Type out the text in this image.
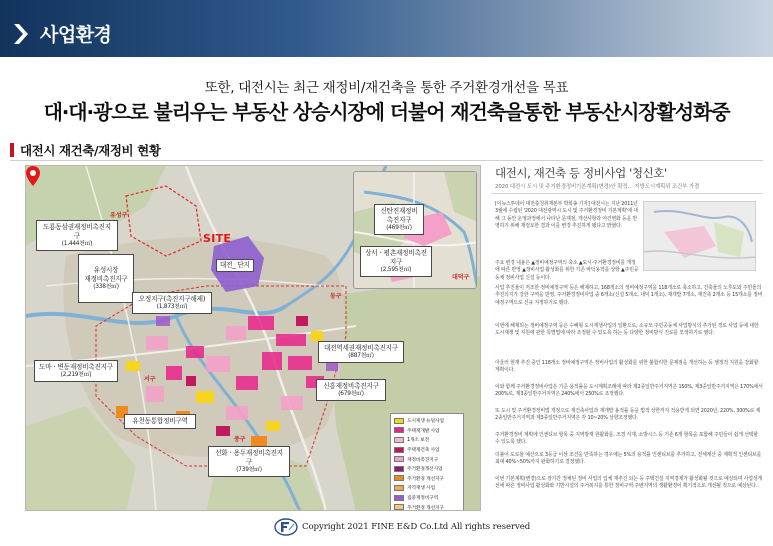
사업환경
또한, 대전시는 최근 재정비/재건축을 통한 주거환경개선을 목표
대·대·광으로 불리우는 부동산 상승시장에 더불어 재건축을통한 부동산시장활성화중
대전시 재건축/재정비 현황
신탄진재정비촉진지구
(469천㎡)
상서ㆍ평촌재정비촉진지구
(2,595천㎡)
대덕구
유성구
서구
동구
중구
SITE
대전_ 단지
도룡동삼권재정비촉진지구
(1,444천㎡)

유성시장
재정비촉진지구

(338천㎡)

오정지구(촉진지구해제)
(1,873천㎡)
도마ㆍ변동재정비촉진지구
(2,219천㎡)
유천동통합정비구역
선화ㆍ용두재정비촉진지구
(739천㎡)
대전역세권재정비촉진지구
(887천㎡)
신흥재정비촉진지구
(679천㎡)
도시재생 뉴딜사업
주택재개발 사업
1개소 보전
주택재건축 사업
재정비촉진지구
주거환경개선사업
주거환경 개선지구
지역재생 사업
집중재정비구역
주거환경 개선지구
대전시, 재건축 등 정비사업 '청신호'
2020 대전시 도시 및 주거환경정비기본계획(변경)안 확정… 지방도시계획위 조건부 가결
[이뉴스투데이 대전충청취재본부 박희송 기자] 대전시는 지난 2011년 3월에 수립된 '2020 대전광역시 도시 및 주거환경정비 기본계획'에 대해 그 동안 운영과정에서 나타난 문제점, 개선사항과 여건변화 등을 반영하기 위해 재검토한 결과 이를 변경 추진하게 됐다고 밝혔다.
주요 변경 내용은 ▲정비예정구역의 축소 ▲도시·주거환경정비를 개정에 따른 반영 ▲정비사업 활성화를 위한 기존 바닥용적을 상향 ▲주민공동체 정비사업 신설 등이다.
사업 추진율이 저조한 정비예정구역 등은 해제하고, 168개소의 정비예정구역을 118개소로 축소하고, 건축물의 노후도와 주민들의 추진의지가 강한 구역을 반영, 주거환경정비사업 중 6개소(신설 5개소, 대덕 1개소), 재개발 7개소, 재건축 2개소 등 15개소를 정비예정구역으로 신규 지정하기로 했다.
이번에 해제되는 정비예정구역 등은 수혜형 도시재생사업의 일환으로, 소규모 주민공동체 사업방식의 추가된 경로 사업 등에 대한 도시재생 및 지원에 관한 특별법에 따라 조정할 수 있도록 하는 등 다양한 정비방식 진로를 모색하기로 했다.
아울러 현재 추진 중인 118개소 정비예정구역은 정비사업의 활성화를 위한 불합리한 문제점을 개선하는 등 행정적 지원을 강화할 계획이다.
이와 함께 주거환경정비사업은 기준 용적률을 도시계획조례에 따라 제2종일반주거지역은 150%, 제3종일반주거지역은 170%에서 200%로, 제3종일반주거지역은 240%에서 250%로 조정했다.
또 도시 및 주거환경정비법 개정으로 재건축사업과 재개발 용적률 등을 법적 상한까지 적용받게 되면 2020년, 220%, 300%로 제2종일반주거지역과 제3종일반주거지역은 각 10~20% 상향조정했다.
주거환경정비 계획에 인센티브 항목 중 지역방재 원활화를, 조경 식재, 소방시스 등 기존 6개 항목을 포함해 주민들이 쉽게 선택할 수 있도록 했다.
더불어 도로율 예산으로 3등급 이상 조건을 만족하는 경우에는 5%의 용적률 인센티브를 추가하고, 전체계산 중 계획적 인센티브를 최대 40%~50%까지 완화하기로 결정했다.
이번 기본계획(변경)으로 장기간 정체된 정비 사업의 입체 재추진 되는 등 주택건설 지역경제가 활성화될 것으로 예상되며 사업성개선에 따른 정비사업 활성화와 기반시설의 주거복지를 통한 정비구역·주변지역의 생활환경이 획기적으로 개선될 것으로 예상된다.
Copyright 2021 FINE E&D Co.Ltd All rights reserved
